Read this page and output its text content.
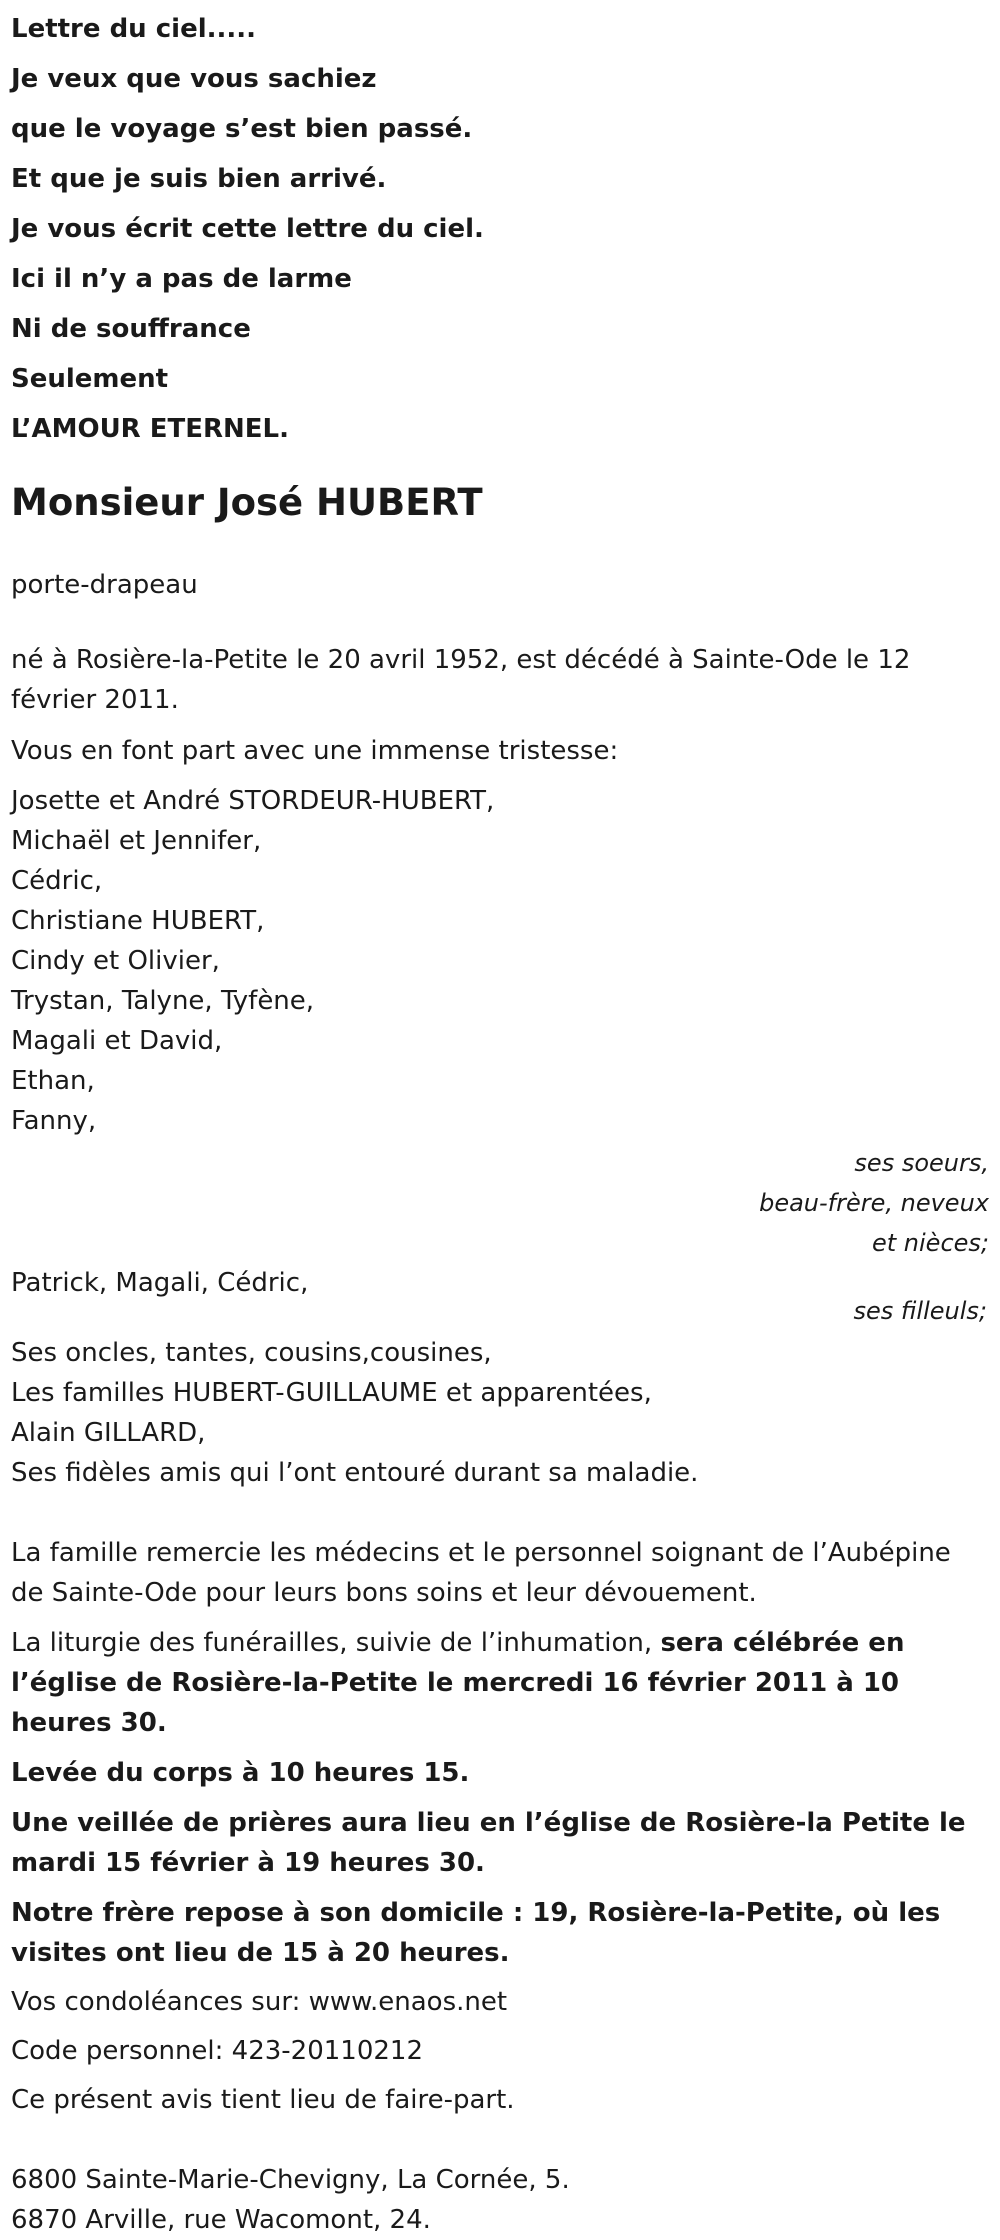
Lettre du ciel.....
Je veux que vous sachiez
que le voyage s’est bien passé.
Et que je suis bien arrivé.
Je vous écrit cette lettre du ciel.
Ici il n’y a pas de larme
Ni de souffrance
Seulement
L’AMOUR ETERNEL.
Monsieur José HUBERT
porte-drapeau
né à Rosière-la-Petite le 20 avril 1952, est décédé à Sainte-Ode le 12 février 2011.
Vous en font part avec une immense tristesse:
Josette et André STORDEUR-HUBERT,
Michaël et Jennifer,
Cédric,
Christiane HUBERT,
Cindy et Olivier,
Trystan, Talyne, Tyfène,
Magali et David,
Ethan,
Fanny,
ses soeurs,
beau-frère, neveux
et nièces;
Patrick, Magali, Cédric,
ses filleuls;
Ses oncles, tantes, cousins,cousines,
Les familles HUBERT-GUILLAUME et apparentées,
Alain GILLARD,
Ses fidèles amis qui l’ont entouré durant sa maladie.
La famille remercie les médecins et le personnel soignant de l’Aubépine de Sainte-Ode pour leurs bons soins et leur dévouement.
La liturgie des funérailles, suivie de l’inhumation, sera célébrée en l’église de Rosière-la-Petite le mercredi 16 février 2011 à 10 heures 30.
Levée du corps à 10 heures 15.
Une veillée de prières aura lieu en l’église de Rosière-la Petite le mardi 15 février à 19 heures 30.
Notre frère repose à son domicile : 19, Rosière-la-Petite, où les visites ont lieu de 15 à 20 heures.
Vos condoléances sur: www.enaos.net
Code personnel: 423-20110212
Ce présent avis tient lieu de faire-part.
6800 Sainte-Marie-Chevigny, La Cornée, 5.
6870 Arville, rue Wacomont, 24.
